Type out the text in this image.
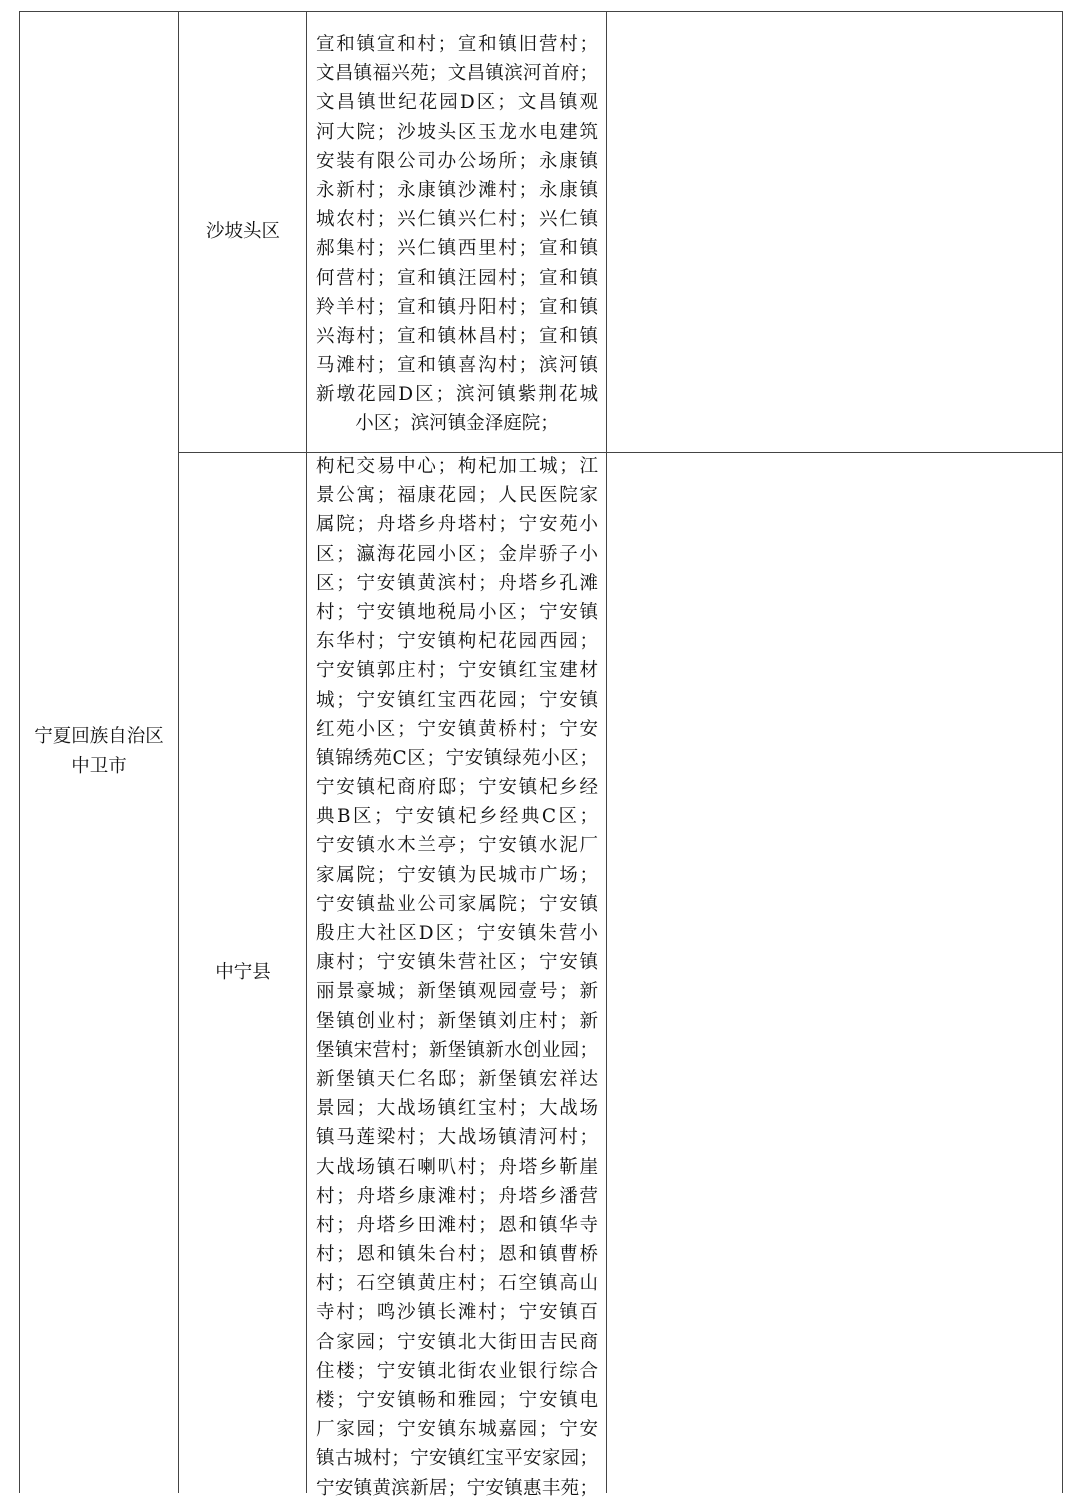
宁夏回族自治区
中卫市
沙坡头区
宣和镇宣和村；宣和镇旧营村；
文昌镇福兴苑；文昌镇滨河首府；
文昌镇世纪花园D区；文昌镇观
河大院；沙坡头区玉龙水电建筑
安装有限公司办公场所；永康镇
永新村；永康镇沙滩村；永康镇
城农村；兴仁镇兴仁村；兴仁镇
郝集村；兴仁镇西里村；宣和镇
何营村；宣和镇汪园村；宣和镇
羚羊村；宣和镇丹阳村；宣和镇
兴海村；宣和镇林昌村；宣和镇
马滩村；宣和镇喜沟村；滨河镇
新墩花园D区；滨河镇紫荆花城
小区；滨河镇金泽庭院；
中宁县
枸杞交易中心；枸杞加工城；江
景公寓；福康花园；人民医院家
属院；舟塔乡舟塔村；宁安苑小
区；瀛海花园小区；金岸骄子小
区；宁安镇黄滨村；舟塔乡孔滩
村；宁安镇地税局小区；宁安镇
东华村；宁安镇枸杞花园西园；
宁安镇郭庄村；宁安镇红宝建材
城；宁安镇红宝西花园；宁安镇
红苑小区；宁安镇黄桥村；宁安
镇锦绣苑C区；宁安镇绿苑小区；
宁安镇杞商府邸；宁安镇杞乡经
典B区；宁安镇杞乡经典C区；
宁安镇水木兰亭；宁安镇水泥厂
家属院；宁安镇为民城市广场；
宁安镇盐业公司家属院；宁安镇
殷庄大社区D区；宁安镇朱营小
康村；宁安镇朱营社区；宁安镇
丽景豪城；新堡镇观园壹号；新
堡镇创业村；新堡镇刘庄村；新
堡镇宋营村；新堡镇新水创业园；
新堡镇天仁名邸；新堡镇宏祥达
景园；大战场镇红宝村；大战场
镇马莲梁村；大战场镇清河村；
大战场镇石喇叭村；舟塔乡靳崖
村；舟塔乡康滩村；舟塔乡潘营
村；舟塔乡田滩村；恩和镇华寺
村；恩和镇朱台村；恩和镇曹桥
村；石空镇黄庄村；石空镇高山
寺村；鸣沙镇长滩村；宁安镇百
合家园；宁安镇北大街田吉民商
住楼；宁安镇北街农业银行综合
楼；宁安镇畅和雅园；宁安镇电
厂家园；宁安镇东城嘉园；宁安
镇古城村；宁安镇红宝平安家园；
宁安镇黄滨新居；宁安镇惠丰苑；
